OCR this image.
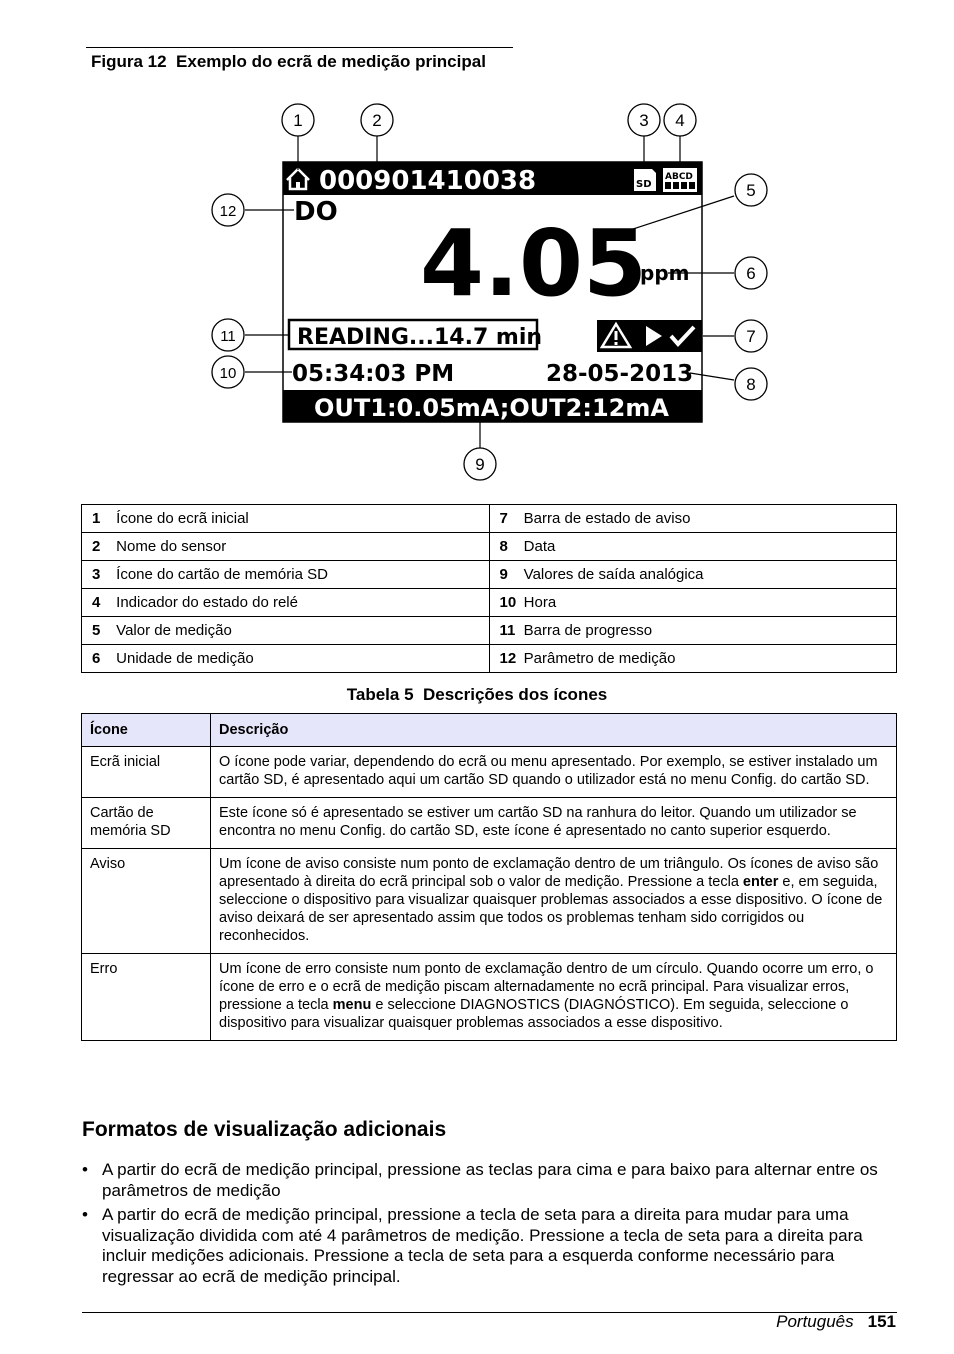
Figura 12 Exemplo do ecrã de medição principal
000901410038	SD
ABCD
DO 4.05
ppm
READING...14.7 min
05:34:03 PM	28-05-2013
OUT1:0.05mA;OUT2:12mA
1	2	3 4
5
6
7
8
9
10
11
12
1 Ícone do ecrã inicial	7 Barra de estado de aviso
2 Nome do sensor	8 Data
3 Ícone do cartão de memória SD	9 Valores de saída analógica
4 Indicador do estado do relé	10 Hora
5 Valor de medição	11 Barra de progresso
6 Unidade de medição	12 Parâmetro de medição
Tabela 5 Descrições dos ícones
Ícone	Descrição
Ecrã inicial	O ícone pode variar, dependendo do ecrã ou menu apresentado. Por exemplo, se estiver instalado um cartão SD, é apresentado aqui um cartão SD quando o utilizador está no menu Config. do cartão SD.
Cartão de memória SD	Este ícone só é apresentado se estiver um cartão SD na ranhura do leitor. Quando um utilizador se encontra no menu Config. do cartão SD, este ícone é apresentado no canto superior esquerdo.
Aviso	Um ícone de aviso consiste num ponto de exclamação dentro de um triângulo. Os ícones de aviso são apresentado à direita do ecrã principal sob o valor de medição. Pressione a tecla enter e, em seguida, seleccione o dispositivo para visualizar quaisquer problemas associados a esse dispositivo. O ícone de aviso deixará de ser apresentado assim que todos os problemas tenham sido corrigidos ou reconhecidos.
Erro	Um ícone de erro consiste num ponto de exclamação dentro de um círculo. Quando ocorre um erro, o ícone de erro e o ecrã de medição piscam alternadamente no ecrã principal. Para visualizar erros, pressione a tecla menu e seleccione DIAGNOSTICS (DIAGNÓSTICO). Em seguida, seleccione o dispositivo para visualizar quaisquer problemas associados a esse dispositivo.
Formatos de visualização adicionais
• A partir do ecrã de medição principal, pressione as teclas para cima e para baixo para alternar entre os parâmetros de medição
• A partir do ecrã de medição principal, pressione a tecla de seta para a direita para mudar para uma visualização dividida com até 4 parâmetros de medição. Pressione a tecla de seta para a direita para incluir medições adicionais. Pressione a tecla de seta para a esquerda conforme necessário para regressar ao ecrã de medição principal.
Português 151
